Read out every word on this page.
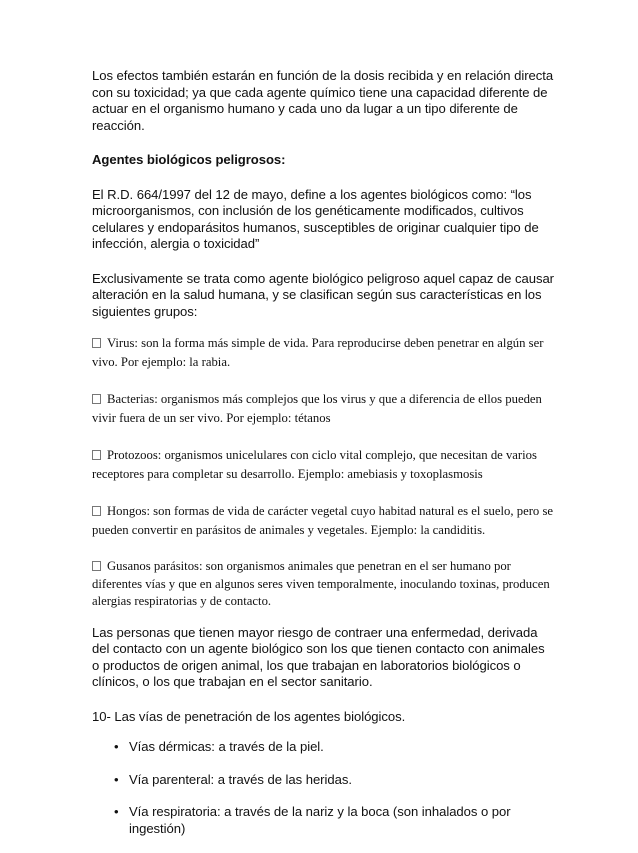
Los efectos también estarán en función de la dosis recibida y en relación directa con su toxicidad; ya que cada agente químico tiene una capacidad diferente de actuar en el organismo humano y cada uno da lugar a un tipo diferente de reacción.

Agentes biológicos peligrosos:

El R.D. 664/1997 del 12 de mayo, define a los agentes biológicos como: “los microorganismos, con inclusión de los genéticamente modificados, cultivos celulares y endoparásitos humanos, susceptibles de originar cualquier tipo de infección, alergia o toxicidad”

Exclusivamente se trata como agente biológico peligroso aquel capaz de causar alteración en la salud humana, y se clasifican según sus características en los siguientes grupos:

Virus: son la forma más simple de vida. Para reproducirse deben penetrar en algún ser vivo. Por ejemplo: la rabia.

Bacterias: organismos más complejos que los virus y que a diferencia de ellos pueden vivir fuera de un ser vivo. Por ejemplo: tétanos

Protozoos: organismos unicelulares con ciclo vital complejo, que necesitan de varios receptores para completar su desarrollo. Ejemplo: amebiasis y toxoplasmosis

Hongos: son formas de vida de carácter vegetal cuyo habitad natural es el suelo, pero se pueden convertir en parásitos de animales y vegetales. Ejemplo: la candiditis.

Gusanos parásitos: son organismos animales que penetran en el ser humano por diferentes vías y que en algunos seres viven temporalmente, inoculando toxinas, producen alergias respiratorias y de contacto.

Las personas que tienen mayor riesgo de contraer una enfermedad, derivada del contacto con un agente biológico son los que tienen contacto con animales o productos de origen animal, los que trabajan en laboratorios biológicos o clínicos, o los que trabajan en el sector sanitario.

10- Las vías de penetración de los agentes biológicos.

• Vías dérmicas: a través de la piel.
• Vía parenteral: a través de las heridas.
• Vía respiratoria: a través de la nariz y la boca (son inhalados o por ingestión)
